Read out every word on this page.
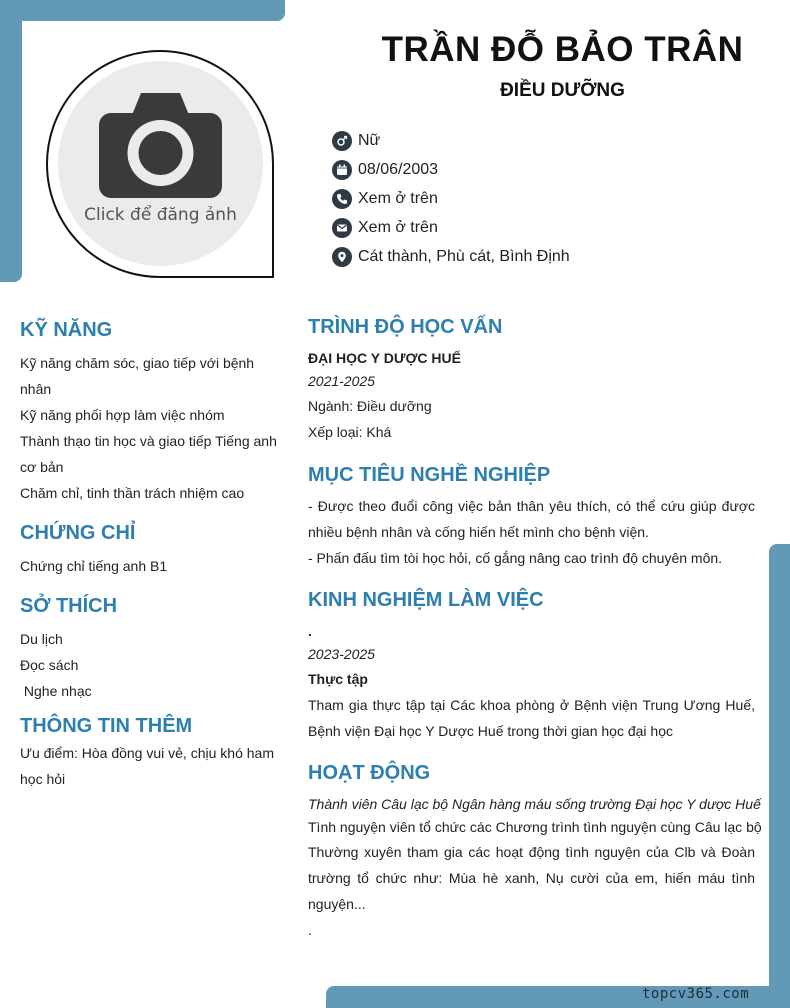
topcv365.com
Click để đăng ảnh
TRẦN ĐỖ BẢO TRÂN
ĐIỀU DƯỠNG
Nữ
08/06/2003
Xem ở trên
Xem ở trên
Cát thành, Phù cát, Bình Định
KỸ NĂNG

Kỹ năng chăm sóc, giao tiếp với bệnh nhân

Kỹ năng phối hợp làm việc nhóm

Thành thạo tin học và giao tiếp Tiếng anh cơ bản

Chăm chỉ, tinh thần trách nhiệm cao

CHỨNG CHỈ

Chứng chỉ tiếng anh B1

SỞ THÍCH

Du lịch

Đọc sách

Nghe nhạc

THÔNG TIN THÊM

Ưu điểm: Hòa đồng vui vẻ, chịu khó ham học hỏi

TRÌNH ĐỘ HỌC VẤN

ĐẠI HỌC Y DƯỢC HUẾ

2021-2025

Ngành: Điều dưỡng

Xếp loại: Khá

MỤC TIÊU NGHỀ NGHIỆP

- Được theo đuổi công việc bản thân yêu thích, có thể cứu giúp được nhiều bệnh nhân và cống hiến hết mình cho bệnh viện.

- Phấn đấu tìm tòi học hỏi, cố gắng nâng cao trình độ chuyên môn.

KINH NGHIỆM LÀM VIỆC

.

2023-2025

Thực tập

Tham gia thực tập tại Các khoa phòng ở Bệnh viện Trung Ương Huế, Bệnh viện Đại học Y Dược Huế trong thời gian học đại học

HOẠT ĐỘNG

Thành viên Câu lạc bộ Ngân hàng máu sống trường Đại học Y dược Huế

Tình nguyện viên tổ chức các Chương trình tình nguyện cùng Câu lạc bộ

Thường xuyên tham gia các hoạt động tình nguyện của Clb và Đoàn trường tổ chức như: Mùa hè xanh, Nụ cười của em, hiến máu tình nguyện...

.
